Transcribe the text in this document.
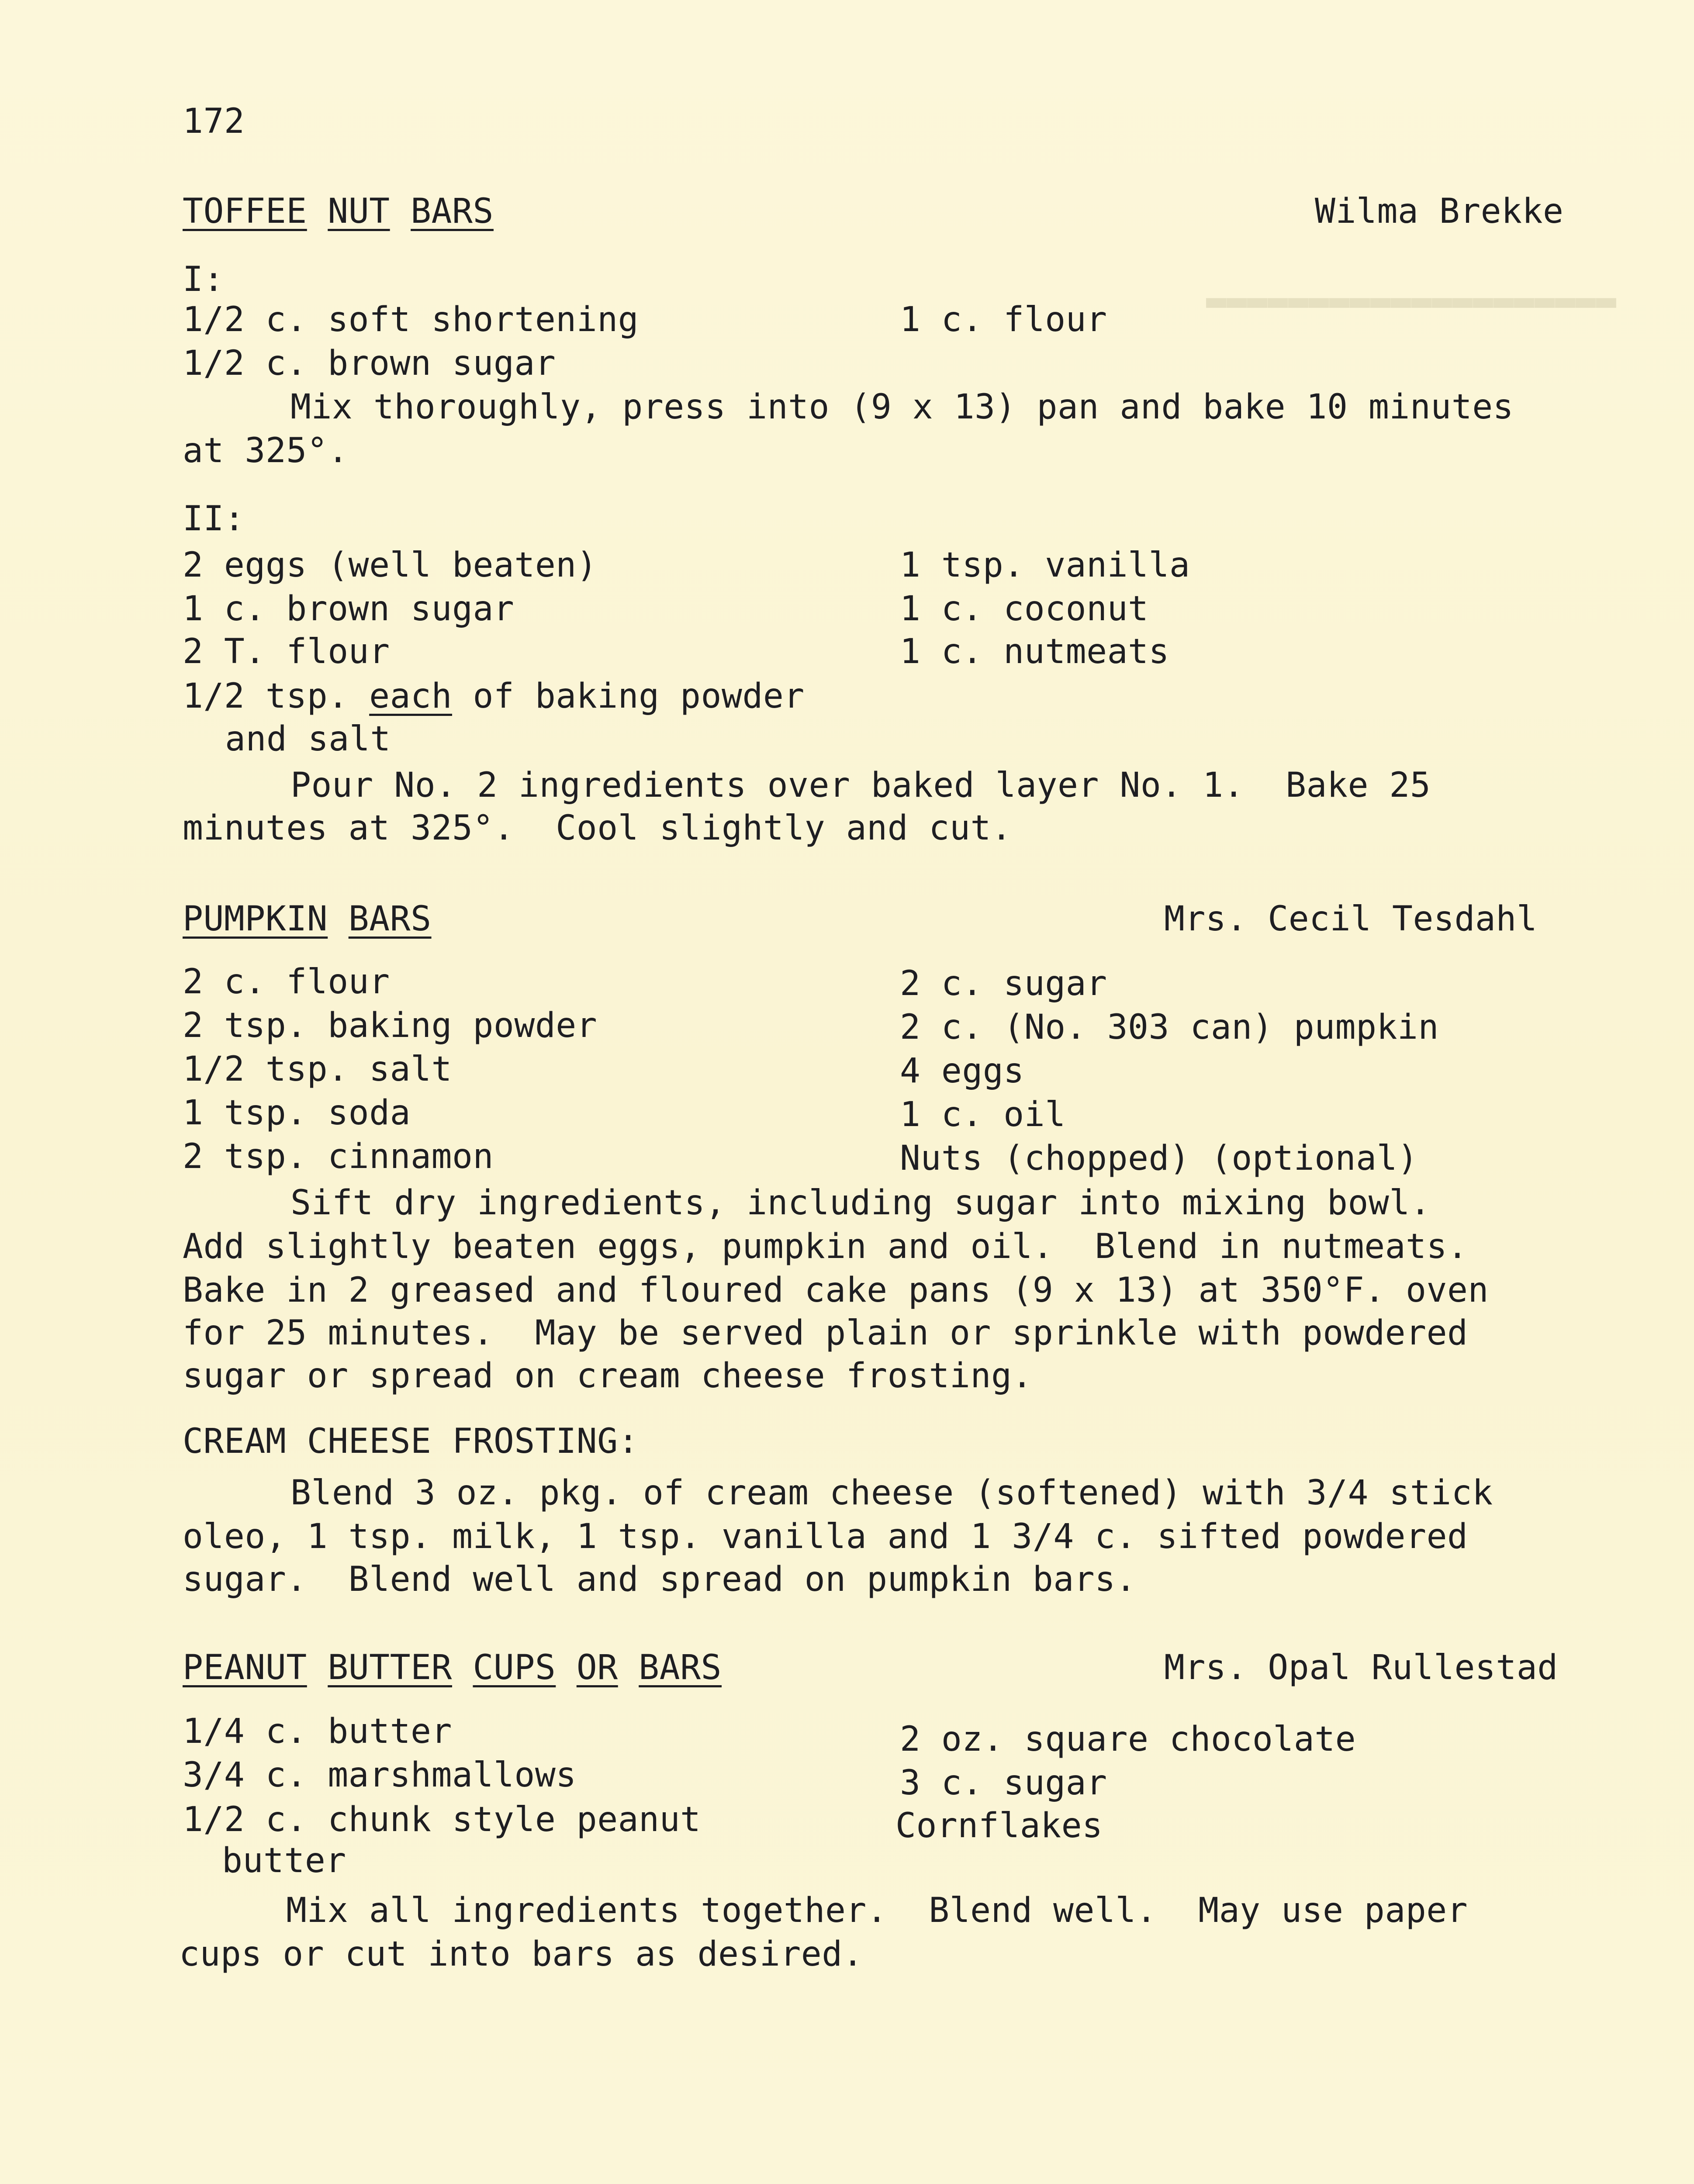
▬▬▬▬▬▬▬▬▬▬▬▬▬▬▬▬▬▬▬▬
172
TOFFEE NUT BARS	Wilma Brekke
I:
1/2 c. soft shortening	1 c. flour
1/2 c. brown sugar
Mix thoroughly, press into (9 x 13) pan and bake 10 minutes
at 325°.
II:
2 eggs (well beaten)	1 tsp. vanilla
1 c. brown sugar	1 c. coconut
2 T. flour	1 c. nutmeats
1/2 tsp. each of baking powder
and salt
Pour No. 2 ingredients over baked layer No. 1.  Bake 25
minutes at 325°.  Cool slightly and cut.
PUMPKIN BARS	Mrs. Cecil Tesdahl
2 c. flour	2 c. sugar
2 tsp. baking powder	2 c. (No. 303 can) pumpkin
1/2 tsp. salt	4 eggs
1 tsp. soda	1 c. oil
2 tsp. cinnamon	Nuts (chopped) (optional)
Sift dry ingredients, including sugar into mixing bowl.
Add slightly beaten eggs, pumpkin and oil.  Blend in nutmeats.
Bake in 2 greased and floured cake pans (9 x 13) at 350°F. oven
for 25 minutes.  May be served plain or sprinkle with powdered
sugar or spread on cream cheese frosting.
CREAM CHEESE FROSTING:
Blend 3 oz. pkg. of cream cheese (softened) with 3/4 stick
oleo, 1 tsp. milk, 1 tsp. vanilla and 1 3/4 c. sifted powdered
sugar.  Blend well and spread on pumpkin bars.
PEANUT BUTTER CUPS OR BARS	Mrs. Opal Rullestad
1/4 c. butter	2 oz. square chocolate
3/4 c. marshmallows	3 c. sugar
1/2 c. chunk style peanut	Cornflakes
butter
Mix all ingredients together.  Blend well.  May use paper
cups or cut into bars as desired.
